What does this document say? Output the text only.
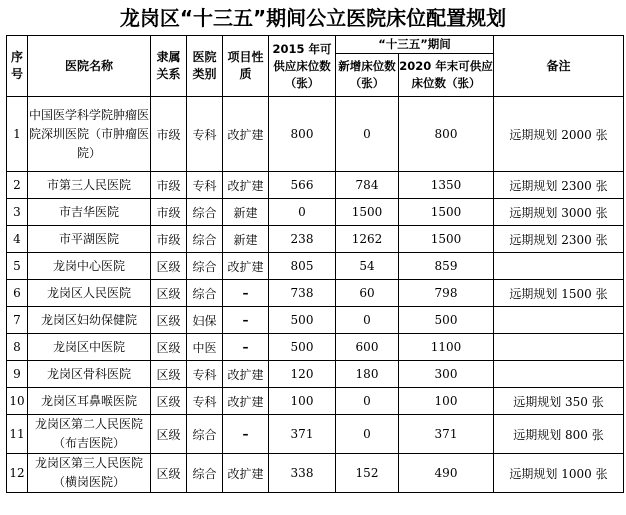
龙岗区“十三五”期间公立医院床位配置规划
序号	医院名称	隶属关系	医院类别	项目性质	2015 年可供应床位数（张）	“十三五”期间		备注
						新增床位数（张）	2020 年末可供应床位数（张）	
1	中国医学科学院肿瘤医院深圳医院（市肿瘤医院）	市级	专科	改扩建	800	0	800	远期规划 2000 张
2	市第三人民医院	市级	专科	改扩建	566	784	1350	远期规划 2300 张
3	市吉华医院	市级	综合	新建	0	1500	1500	远期规划 3000 张
4	市平湖医院	市级	综合	新建	238	1262	1500	远期规划 2300 张
5	龙岗中心医院	区级	综合	改扩建	805	54	859	
6	龙岗区人民医院	区级	综合	–	738	60	798	远期规划 1500 张
7	龙岗区妇幼保健院	区级	妇保	–	500	0	500	
8	龙岗区中医院	区级	中医	–	500	600	1100	
9	龙岗区骨科医院	区级	专科	改扩建	120	180	300	
10	龙岗区耳鼻喉医院	区级	专科	改扩建	100	0	100	远期规划 350 张
11	龙岗区第二人民医院（布吉医院）	区级	综合	–	371	0	371	远期规划 800 张
12	龙岗区第三人民医院（横岗医院）	区级	综合	改扩建	338	152	490	远期规划 1000 张
